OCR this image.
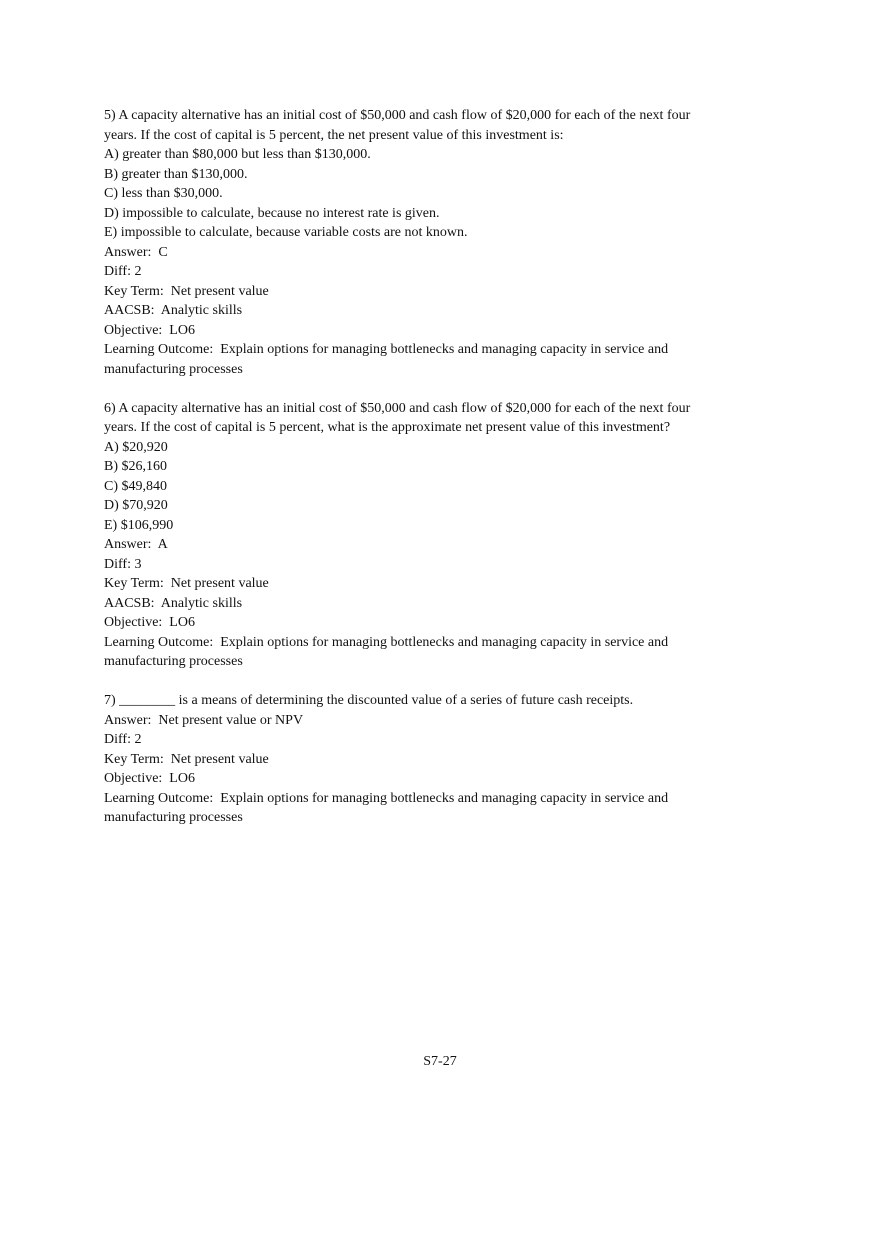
5) A capacity alternative has an initial cost of $50,000 and cash flow of $20,000 for each of the next four years. If the cost of capital is 5 percent, the net present value of this investment is:

A) greater than $80,000 but less than $130,000.

B) greater than $130,000.

C) less than $30,000.

D) impossible to calculate, because no interest rate is given.

E) impossible to calculate, because variable costs are not known.

Answer:  C

Diff: 2

Key Term:  Net present value

AACSB:  Analytic skills

Objective:  LO6

Learning Outcome:  Explain options for managing bottlenecks and managing capacity in service and manufacturing processes

6) A capacity alternative has an initial cost of $50,000 and cash flow of $20,000 for each of the next four years. If the cost of capital is 5 percent, what is the approximate net present value of this investment?

A) $20,920

B) $26,160

C) $49,840

D) $70,920

E) $106,990

Answer:  A

Diff: 3

Key Term:  Net present value

AACSB:  Analytic skills

Objective:  LO6

Learning Outcome:  Explain options for managing bottlenecks and managing capacity in service and manufacturing processes

7) ________ is a means of determining the discounted value of a series of future cash receipts.

Answer:  Net present value or NPV

Diff: 2

Key Term:  Net present value

Objective:  LO6

Learning Outcome:  Explain options for managing bottlenecks and managing capacity in service and manufacturing processes

S7-27
